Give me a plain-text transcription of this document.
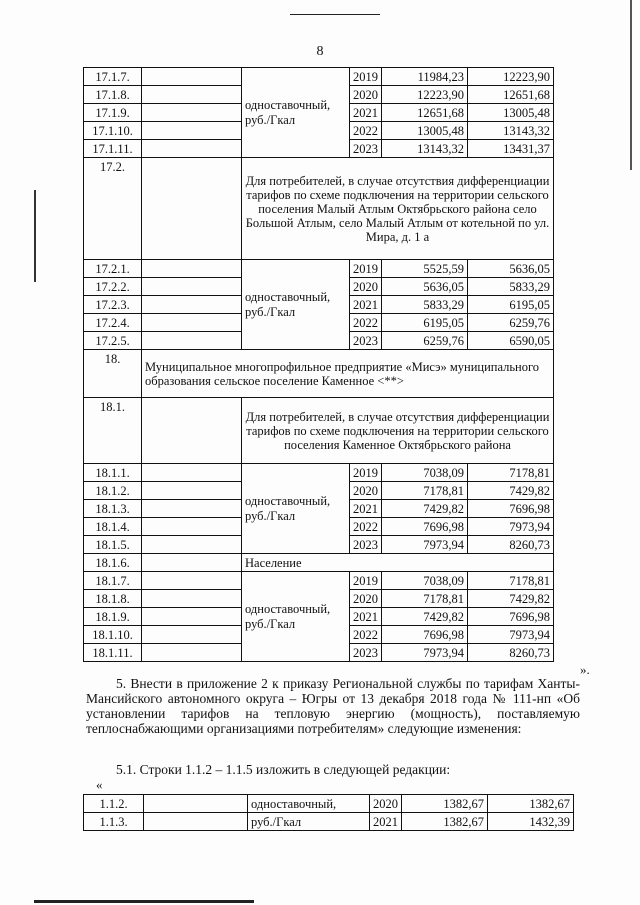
8
17.1.7.		одноставочный, руб./Гкал	2019	11984,23	12223,90
17.1.8.			2020	12223,90	12651,68
17.1.9.			2021	12651,68	13005,48
17.1.10.			2022	13005,48	13143,32
17.1.11.			2023	13143,32	13431,37
17.2.		Для потребителей, в случае отсутствия дифференциации тарифов по схеме подключения на территории сельского поселения Малый Атлым Октябрьского района село Большой Атлым, село Малый Атлым от котельной по ул. Мира, д. 1 а			
17.2.1.		одноставочный, руб./Гкал	2019	5525,59	5636,05
17.2.2.			2020	5636,05	5833,29
17.2.3.			2021	5833,29	6195,05
17.2.4.			2022	6195,05	6259,76
17.2.5.			2023	6259,76	6590,05
18.	Муниципальное многопрофильное предприятие «Мисэ» муниципального образования сельское поселение Каменное <**>				
18.1.		Для потребителей, в случае отсутствия дифференциации тарифов по схеме подключения на территории сельского поселения Каменное Октябрьского района			
18.1.1.		одноставочный, руб./Гкал	2019	7038,09	7178,81
18.1.2.			2020	7178,81	7429,82
18.1.3.			2021	7429,82	7696,98
18.1.4.			2022	7696,98	7973,94
18.1.5.			2023	7973,94	8260,73
18.1.6.		Население			
18.1.7.		одноставочный, руб./Гкал	2019	7038,09	7178,81
18.1.8.			2020	7178,81	7429,82
18.1.9.			2021	7429,82	7696,98
18.1.10.			2022	7696,98	7973,94
18.1.11.			2023	7973,94	8260,73
».
5. Внести в приложение 2 к приказу Региональной службы по тарифам Ханты-Мансийского автономного округа – Югры от 13 декабря 2018 года № 111-нп «Об установлении тарифов на тепловую энергию (мощность), поставляемую теплоснабжающими организациями потребителям» следующие изменения:
5.1. Строки 1.1.2 – 1.1.5 изложить в следующей редакции:
«
1.1.2.		одноставочный,	2020	1382,67	1382,67
1.1.3.		руб./Гкал	2021	1382,67	1432,39
